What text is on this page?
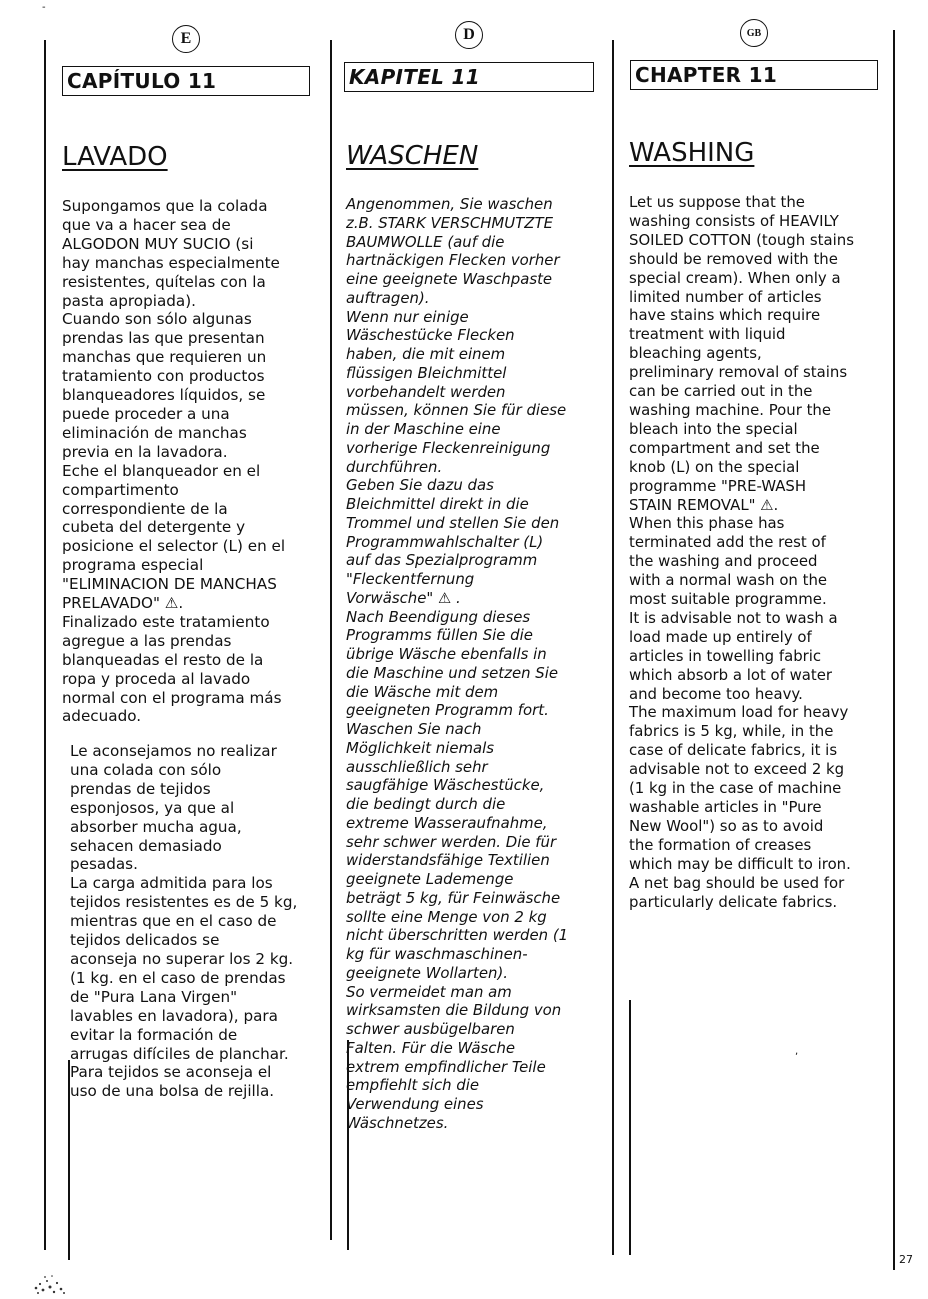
E
CAPÍTULO 11
LAVADO
Supongamos que la colada
que va a hacer sea de
ALGODON MUY SUCIO (si
hay manchas especialmente
resistentes, quítelas con la
pasta apropiada).
Cuando son sólo algunas
prendas las que presentan
manchas que requieren un
tratamiento con productos
blanqueadores líquidos, se
puede proceder a una
eliminación de manchas
previa en la lavadora.
Eche el blanqueador en el
compartimento
correspondiente de la
cubeta del detergente y
posicione el selector (L) en el
programa especial
"ELIMINACION DE MANCHAS
PRELAVADO" ⚠.
Finalizado este tratamiento
agregue a las prendas
blanqueadas el resto de la
ropa y proceda al lavado
normal con el programa más
adecuado.
Le aconsejamos no realizar
una colada con sólo
prendas de tejidos
esponjosos, ya que al
absorber mucha agua,
sehacen demasiado
pesadas.
La carga admitida para los
tejidos resistentes es de 5 kg,
mientras que en el caso de
tejidos delicados se
aconseja no superar los 2 kg.
(1 kg. en el caso de prendas
de "Pura Lana Virgen"
lavables en lavadora), para
evitar la formación de
arrugas difíciles de planchar.
Para tejidos se aconseja el
uso de una bolsa de rejilla.
D
KAPITEL 11
WASCHEN
Angenommen, Sie waschen
z.B. STARK VERSCHMUTZTE
BAUMWOLLE (auf die
hartnäckigen Flecken vorher
eine geeignete Waschpaste
auftragen).
Wenn nur einige
Wäschestücke Flecken
haben, die mit einem
flüssigen Bleichmittel
vorbehandelt werden
müssen, können Sie für diese
in der Maschine eine
vorherige Fleckenreinigung
durchführen.
Geben Sie dazu das
Bleichmittel direkt in die
Trommel und stellen Sie den
Programmwahlschalter (L)
auf das Spezialprogramm
"Fleckentfernung
Vorwäsche" ⚠ .
Nach Beendigung dieses
Programms füllen Sie die
übrige Wäsche ebenfalls in
die Maschine und setzen Sie
die Wäsche mit dem
geeigneten Programm fort.
Waschen Sie nach
Möglichkeit niemals
ausschließlich sehr
saugfähige Wäschestücke,
die bedingt durch die
extreme Wasseraufnahme,
sehr schwer werden. Die für
widerstandsfähige Textilien
geeignete Lademenge
beträgt 5 kg, für Feinwäsche
sollte eine Menge von 2 kg
nicht überschritten werden (1
kg für waschmaschinen-
geeignete Wollarten).
So vermeidet man am
wirksamsten die Bildung von
schwer ausbügelbaren
Falten. Für die Wäsche
extrem empfindlicher Teile
empfiehlt sich die
Verwendung eines
Wäschnetzes.
GB
CHAPTER 11
WASHING
Let us suppose that the
washing consists of HEAVILY
SOILED COTTON (tough stains
should be removed with the
special cream). When only a
limited number of articles
have stains which require
treatment with liquid
bleaching agents,
preliminary removal of stains
can be carried out in the
washing machine. Pour the
bleach into the special
compartment and set the
knob (L) on the special
programme "PRE-WASH
STAIN REMOVAL" ⚠.
When this phase has
terminated add the rest of
the washing and proceed
with a normal wash on the
most suitable programme.
It is advisable not to wash a
load made up entirely of
articles in towelling fabric
which absorb a lot of water
and become too heavy.
The maximum load for heavy
fabrics is 5 kg, while, in the
case of delicate fabrics, it is
advisable not to exceed 2 kg
(1 kg in the case of machine
washable articles in "Pure
New Wool") so as to avoid
the formation of creases
which may be difficult to iron.
A net bag should be used for
particularly delicate fabrics.
,
-
27
